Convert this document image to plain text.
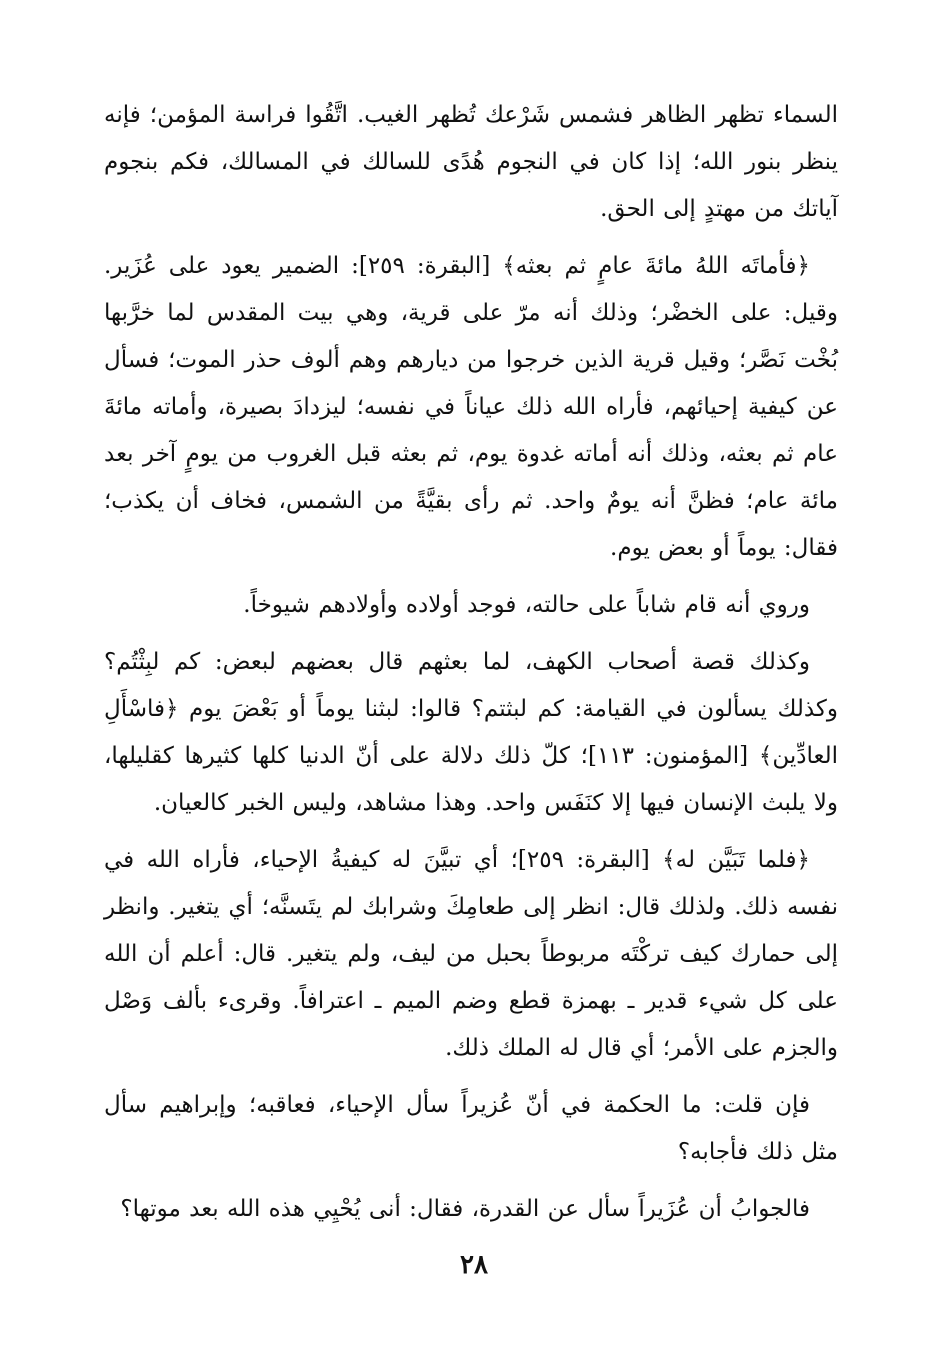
السماء تظهر الظاهر فشمس شَرْعك تُظهر الغيب. اتَّقُوا فراسة المؤمن؛ فإنه ينظر بنور الله؛ إذا كان في النجوم هُدًى للسالك في المسالك، فكم بنجوم آياتك من مهتدٍ إلى الحق.

﴿فأماتَه اللهُ مائةَ عامٍ ثم بعثه﴾ [البقرة: ٢٥٩]: الضمير يعود على عُزَير. وقيل: على الخضْر؛ وذلك أنه مرّ على قرية، وهي بيت المقدس لما خرَّبها بُخْت نَصَّر؛ وقيل قرية الذين خرجوا من ديارهم وهم ألوف حذر الموت؛ فسأل عن كيفية إحيائهم، فأراه الله ذلك عياناً في نفسه؛ ليزدادَ بصيرة، وأماته مائةَ عام ثم بعثه، وذلك أنه أماته غدوة يوم، ثم بعثه قبل الغروب من يومٍ آخر بعد مائة عام؛ فظنَّ أنه يومٌ واحد. ثم رأى بقيَّةً من الشمس، فخاف أن يكذب؛ فقال: يوماً أو بعض يوم.

وروي أنه قام شاباً على حالته، فوجد أولاده وأولادهم شيوخاً.

وكذلك قصة أصحاب الكهف، لما بعثهم قال بعضهم لبعض: كم لبِثْتُم؟ وكذلك يسألون في القيامة: كم لبثتم؟ قالوا: لبثنا يوماً أو بَعْضَ يوم ﴿فاسْأَلِ العادِّين﴾ [المؤمنون: ١١٣]؛ كلّ ذلك دلالة على أنّ الدنيا كلها كثيرها كقليلها، ولا يلبث الإنسان فيها إلا كنَفَس واحد. وهذا مشاهد، وليس الخبر كالعيان.

﴿فلما تَبَيَّن له﴾ [البقرة: ٢٥٩]؛ أي تبيَّنَ له كيفيةُ الإحياء، فأراه الله في نفسه ذلك. ولذلك قال: انظر إلى طعامِكَ وشرابك لم يتَسنَّه؛ أي يتغير. وانظر إلى حمارك كيف تركْتَه مربوطاً بحبل من ليف، ولم يتغير. قال: أعلم أن الله على كل شيء قدير ـ بهمزة قطع وضم الميم ـ اعترافاً. وقرىء بألف وَصْل والجزم على الأمر؛ أي قال له الملك ذلك.

فإن قلت: ما الحكمة في أنّ عُزيراً سأل الإحياء، فعاقبه؛ وإبراهيم سأل مثل ذلك فأجابه؟

فالجوابُ أن عُزَيراً سأل عن القدرة، فقال: أنى يُحْيِي هذه الله بعد موتها؟

٢٨
